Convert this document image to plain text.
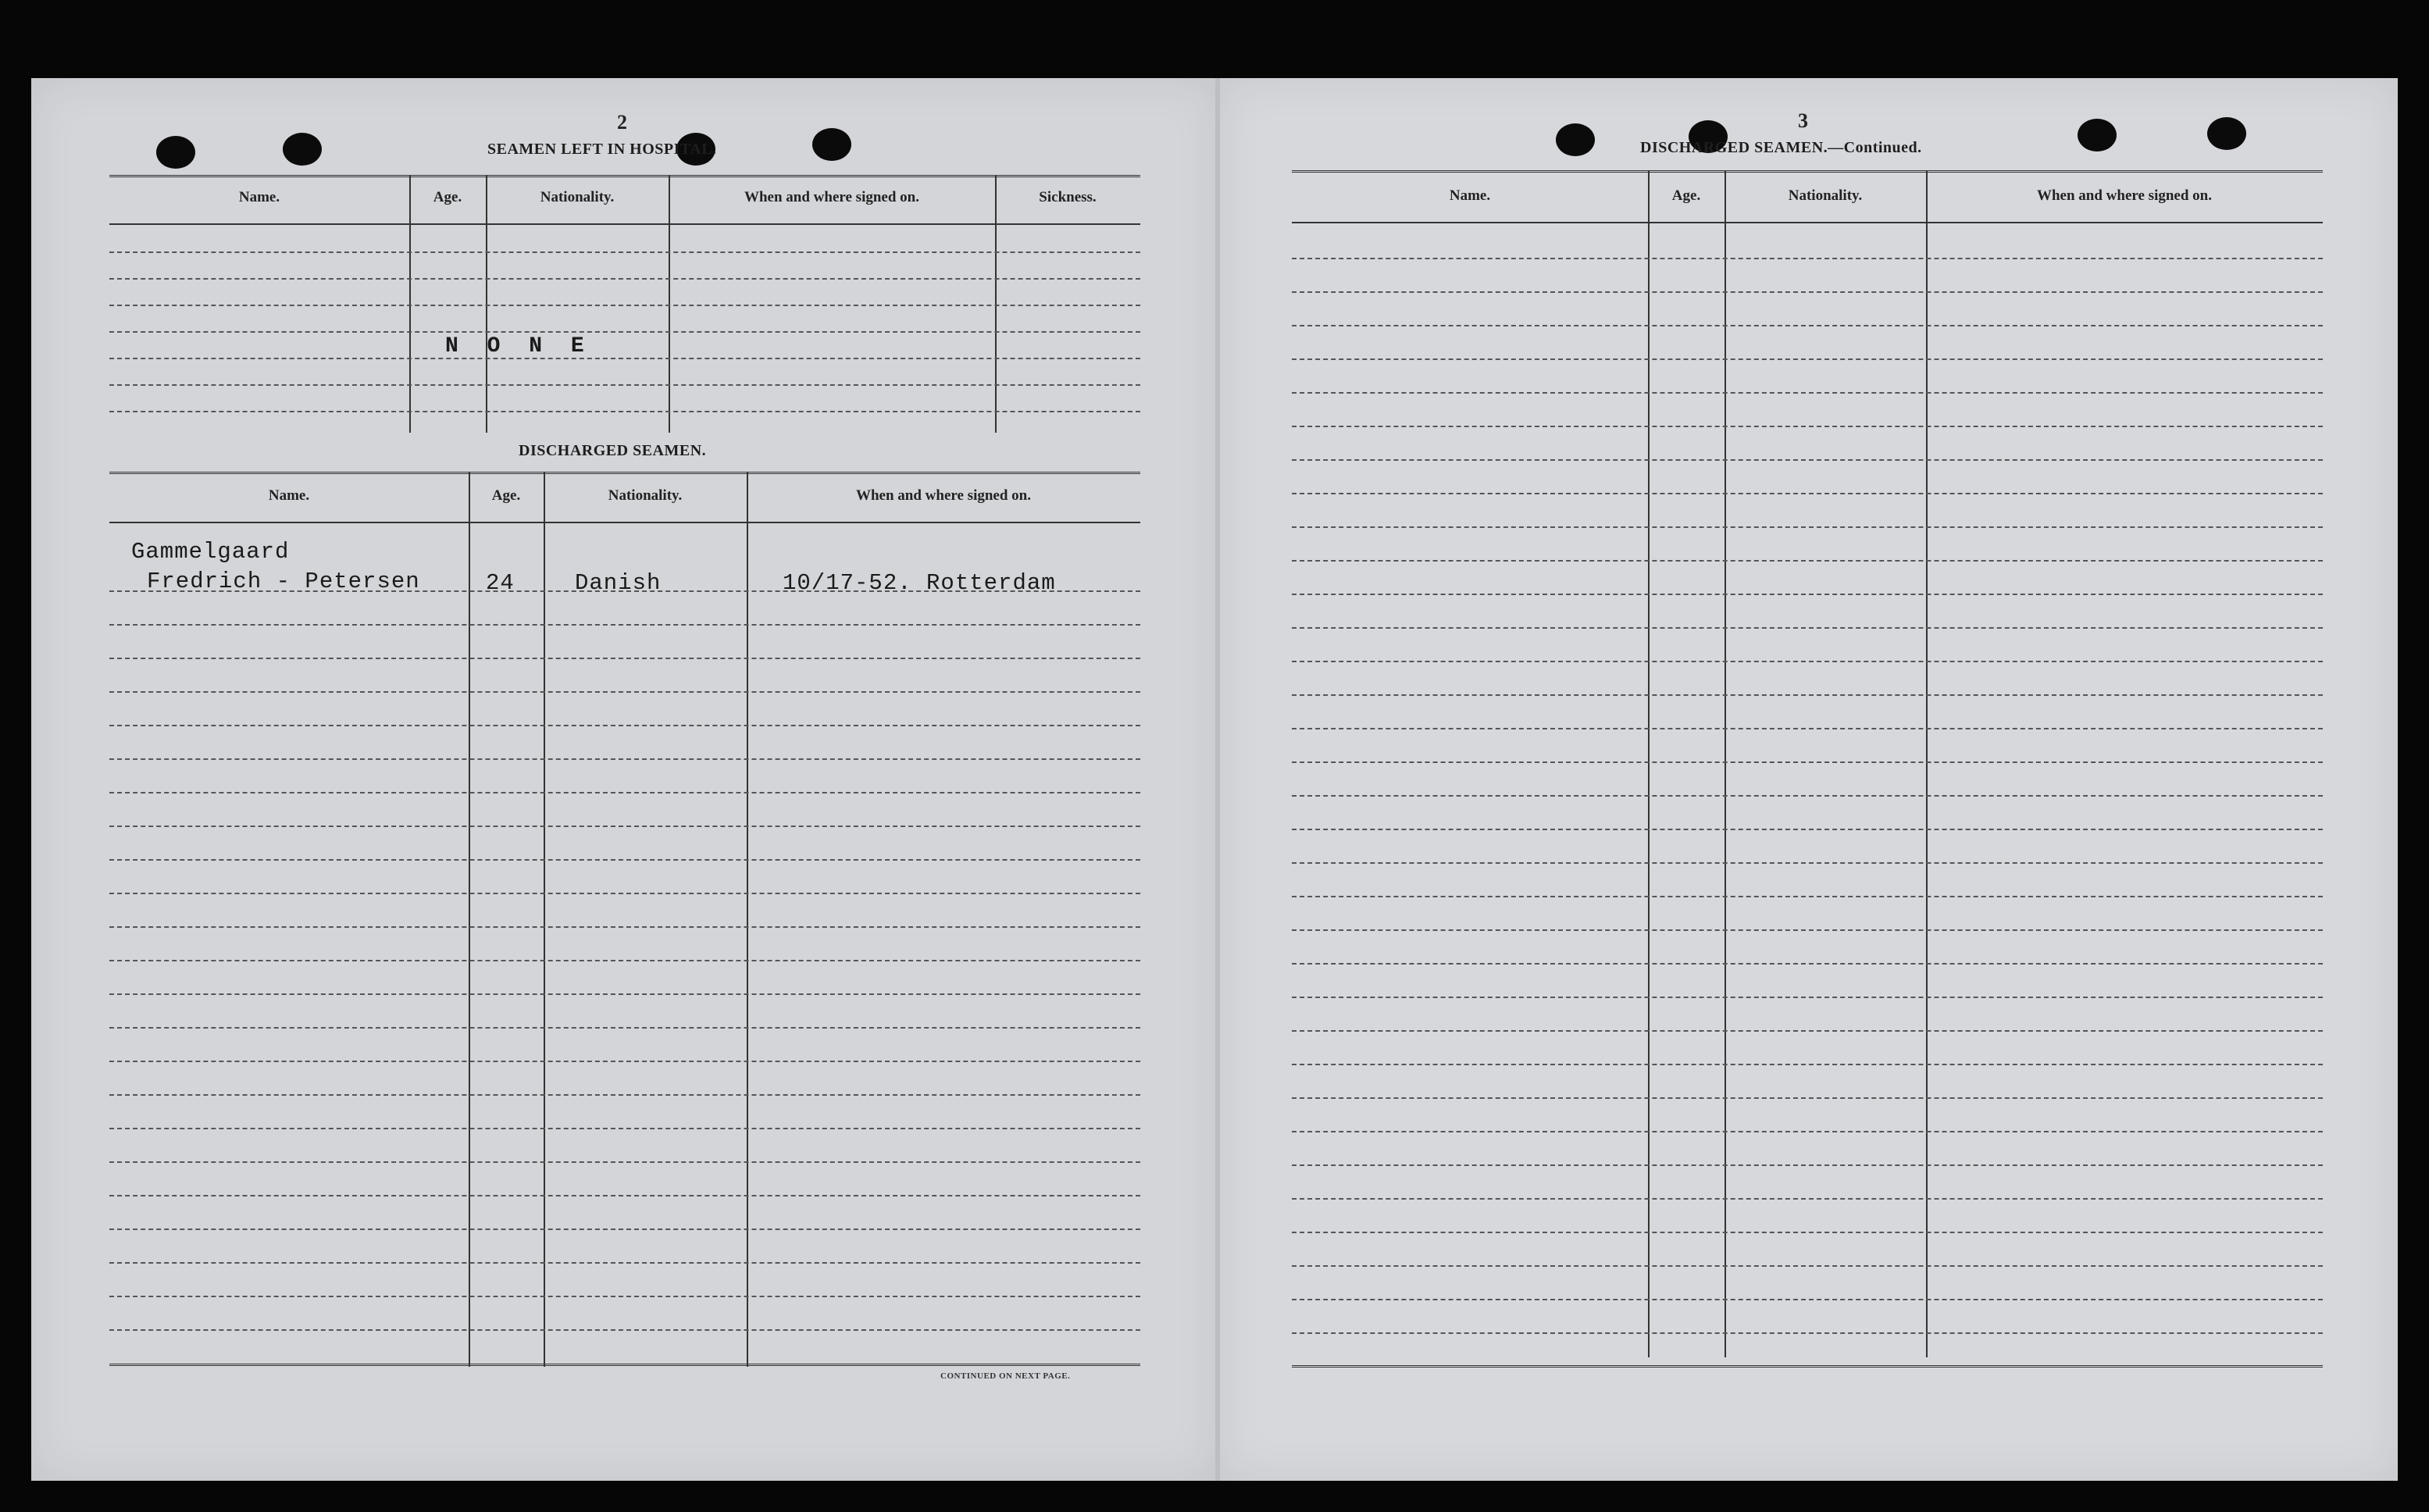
2
SEAMEN LEFT IN HOSPITAL.
Name.	Age.	Nationality.	When and where signed on.	Sickness.
N O N E
DISCHARGED SEAMEN.
Name.	Age.	Nationality.	When and where signed on.
Gammelgaard
Fredrich - Petersen	24	Danish	10/17-52. Rotterdam
CONTINUED ON NEXT PAGE.
3
DISCHARGED SEAMEN.—Continued.
Name.	Age.	Nationality.	When and where signed on.
